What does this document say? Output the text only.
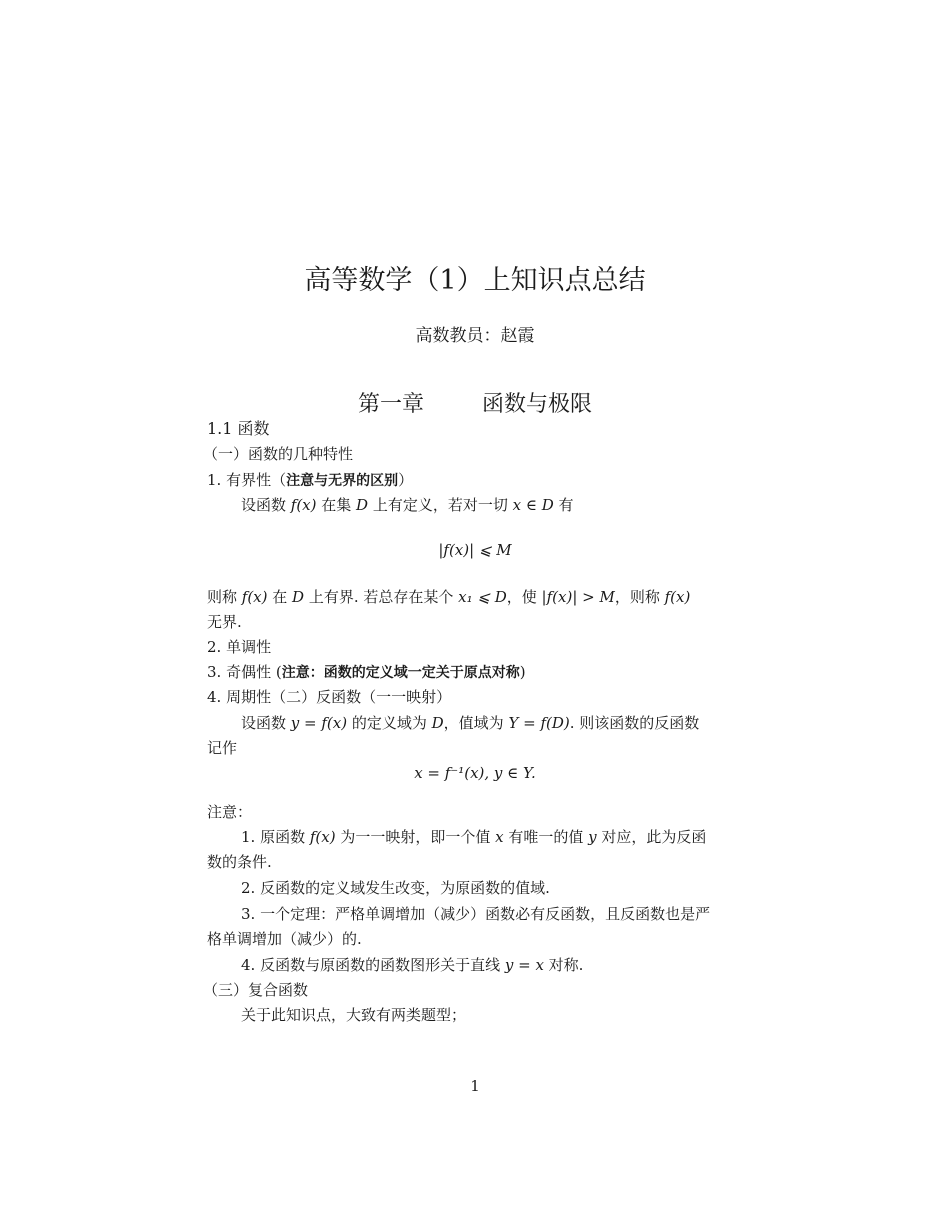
高等数学（1）上知识点总结
高数教员：赵霞
第一章	函数与极限
1.1 函数
（一）函数的几种特性
1. 有界性（注意与无界的区别）
设函数 f(x) 在集 D 上有定义，若对一切 x ∈ D 有
|f(x)| ⩽ M
则称 f(x) 在 D 上有界. 若总存在某个 x₁ ⩽ D，使 |f(x)| > M，则称 f(x)
无界.
2. 单调性
3. 奇偶性 (注意：函数的定义域一定关于原点对称)
4. 周期性（二）反函数（一一映射）
设函数 y = f(x) 的定义域为 D，值域为 Y = f(D). 则该函数的反函数
记作
x = f⁻¹(x), y ∈ Y.
注意：
1. 原函数 f(x) 为一一映射，即一个值 x 有唯一的值 y 对应，此为反函
数的条件.
2. 反函数的定义域发生改变，为原函数的值域.
3. 一个定理：严格单调增加（减少）函数必有反函数，且反函数也是严
格单调增加（减少）的.
4. 反函数与原函数的函数图形关于直线 y = x 对称.
（三）复合函数
关于此知识点，大致有两类题型；
1
